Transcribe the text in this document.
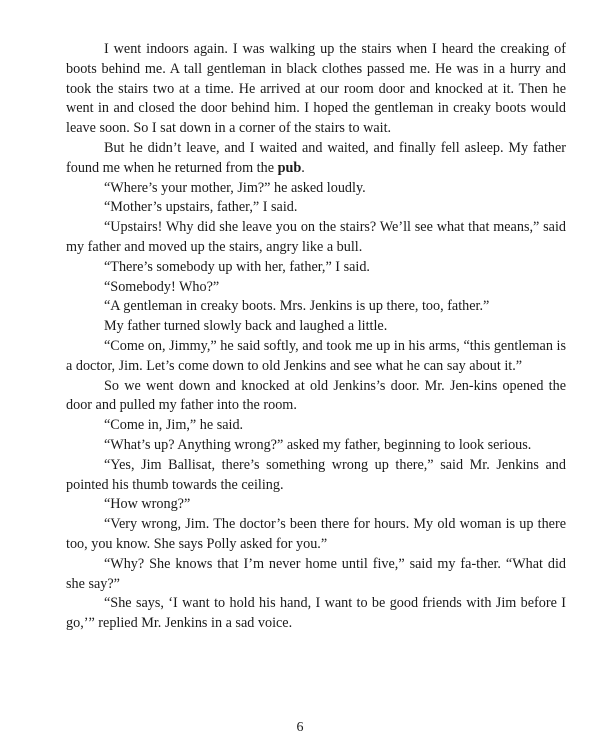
I went indoors again. I was walking up the stairs when I heard the creaking of boots behind me. A tall gentleman in black clothes passed me. He was in a hurry and took the stairs two at a time. He arrived at our room door and knocked at it. Then he went in and closed the door behind him. I hoped the gentleman in creaky boots would leave soon. So I sat down in a corner of the stairs to wait.

But he didn’t leave, and I waited and waited, and finally fell asleep. My father found me when he returned from the pub.

“Where’s your mother, Jim?” he asked loudly.

“Mother’s upstairs, father,” I said.

“Upstairs! Why did she leave you on the stairs? We’ll see what that means,” said my father and moved up the stairs, angry like a bull.

“There’s somebody up with her, father,” I said.

“Somebody! Who?”

“A gentleman in creaky boots. Mrs. Jenkins is up there, too, father.”

My father turned slowly back and laughed a little.

“Come on, Jimmy,” he said softly, and took me up in his arms, “this gentleman is a doctor, Jim. Let’s come down to old Jenkins and see what he can say about it.”

So we went down and knocked at old Jenkins’s door. Mr. Jen-kins opened the door and pulled my father into the room.

“Come in, Jim,” he said.

“What’s up? Anything wrong?” asked my father, beginning to look serious.

“Yes, Jim Ballisat, there’s something wrong up there,” said Mr. Jenkins and pointed his thumb towards the ceiling.

“How wrong?”

“Very wrong, Jim. The doctor’s been there for hours. My old woman is up there too, you know. She says Polly asked for you.”

“Why? She knows that I’m never home until five,” said my fa-ther. “What did she say?”

“She says, ‘I want to hold his hand, I want to be good friends with Jim before I go,’” replied Mr. Jenkins in a sad voice.

6
